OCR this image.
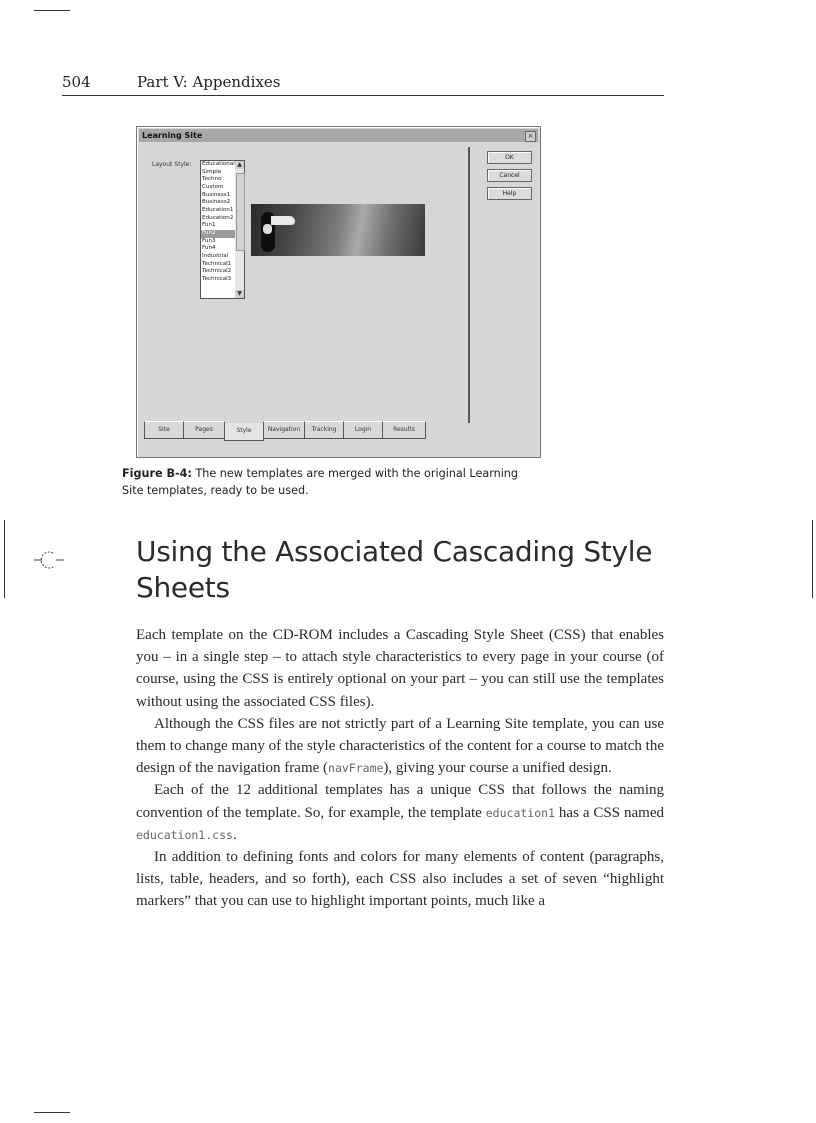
504	Part V: Appendixes
Learning Site	×
Layout Style: Educational
Simple
Techno
Custom
Business1
Business2
Education1
Education2
Fun1
Fun2
Fun3
Fun4
Industrial
Technical1
Technical2
Technical3
▲
▼
OK
Cancel
Help
Site	Pages	Style	Navigation	Tracking	Login	Results
Figure B-4: The new templates are merged with the original Learning Site templates, ready to be used.
Using the Associated Cascading Style Sheets

Each template on the CD-ROM includes a Cascading Style Sheet (CSS) that enables you – in a single step – to attach style characteristics to every page in your course (of course, using the CSS is entirely optional on your part – you can still use the templates without using the associated CSS files).

Although the CSS files are not strictly part of a Learning Site template, you can use them to change many of the style characteristics of the content for a course to match the design of the navigation frame (navFrame), giving your course a unified design.

Each of the 12 additional templates has a unique CSS that follows the naming convention of the template. So, for example, the template education1 has a CSS named education1.css.

In addition to defining fonts and colors for many elements of content (paragraphs, lists, table, headers, and so forth), each CSS also includes a set of seven “highlight markers” that you can use to highlight important points, much like a
